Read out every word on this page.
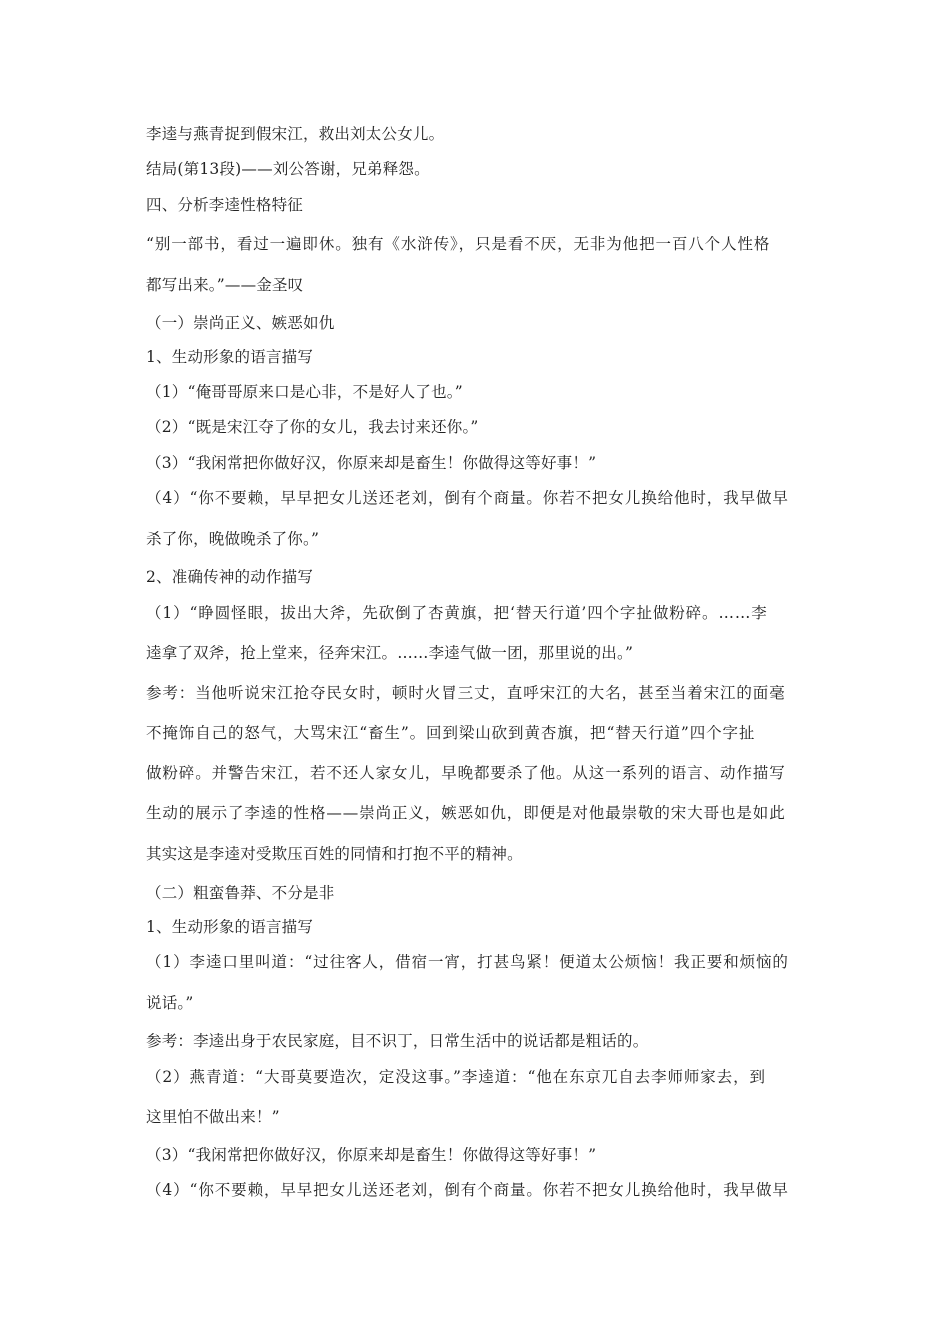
李逵与燕青捉到假宋江，救出刘太公女儿。
结局(第13段)——刘公答谢，兄弟释怨。
四、分析李逵性格特征
“别一部书，看过一遍即休。独有《水浒传》，只是看不厌，无非为他把一百八个人性格
都写出来。”——金圣叹
（一）崇尚正义、嫉恶如仇
1、生动形象的语言描写
（1）“俺哥哥原来口是心非，不是好人了也。”
（2）“既是宋江夺了你的女儿，我去讨来还你。”
（3）“我闲常把你做好汉，你原来却是畜生！你做得这等好事！”
（4）“你不要赖，早早把女儿送还老刘，倒有个商量。你若不把女儿换给他时，我早做早
杀了你，晚做晚杀了你。”
2、准确传神的动作描写
（1）“睁圆怪眼，拔出大斧，先砍倒了杏黄旗，把‘替天行道’四个字扯做粉碎。……李
逵拿了双斧，抢上堂来，径奔宋江。……李逵气做一团，那里说的出。”
参考：当他听说宋江抢夺民女时，顿时火冒三丈，直呼宋江的大名，甚至当着宋江的面毫
不掩饰自己的怒气，大骂宋江“畜生”。回到梁山砍到黄杏旗，把“替天行道”四个字扯
做粉碎。并警告宋江，若不还人家女儿，早晚都要杀了他。从这一系列的语言、动作描写
生动的展示了李逵的性格——崇尚正义，嫉恶如仇，即便是对他最崇敬的宋大哥也是如此
其实这是李逵对受欺压百姓的同情和打抱不平的精神。
（二）粗蛮鲁莽、不分是非
1、生动形象的语言描写
（1）李逵口里叫道：“过往客人，借宿一宵，打甚鸟紧！便道太公烦恼！我正要和烦恼的
说话。”
参考：李逵出身于农民家庭，目不识丁，日常生活中的说话都是粗话的。
（2）燕青道：“大哥莫要造次，定没这事。”李逵道：“他在东京兀自去李师师家去，到
这里怕不做出来！”
（3）“我闲常把你做好汉，你原来却是畜生！你做得这等好事！”
（4）“你不要赖，早早把女儿送还老刘，倒有个商量。你若不把女儿换给他时，我早做早
